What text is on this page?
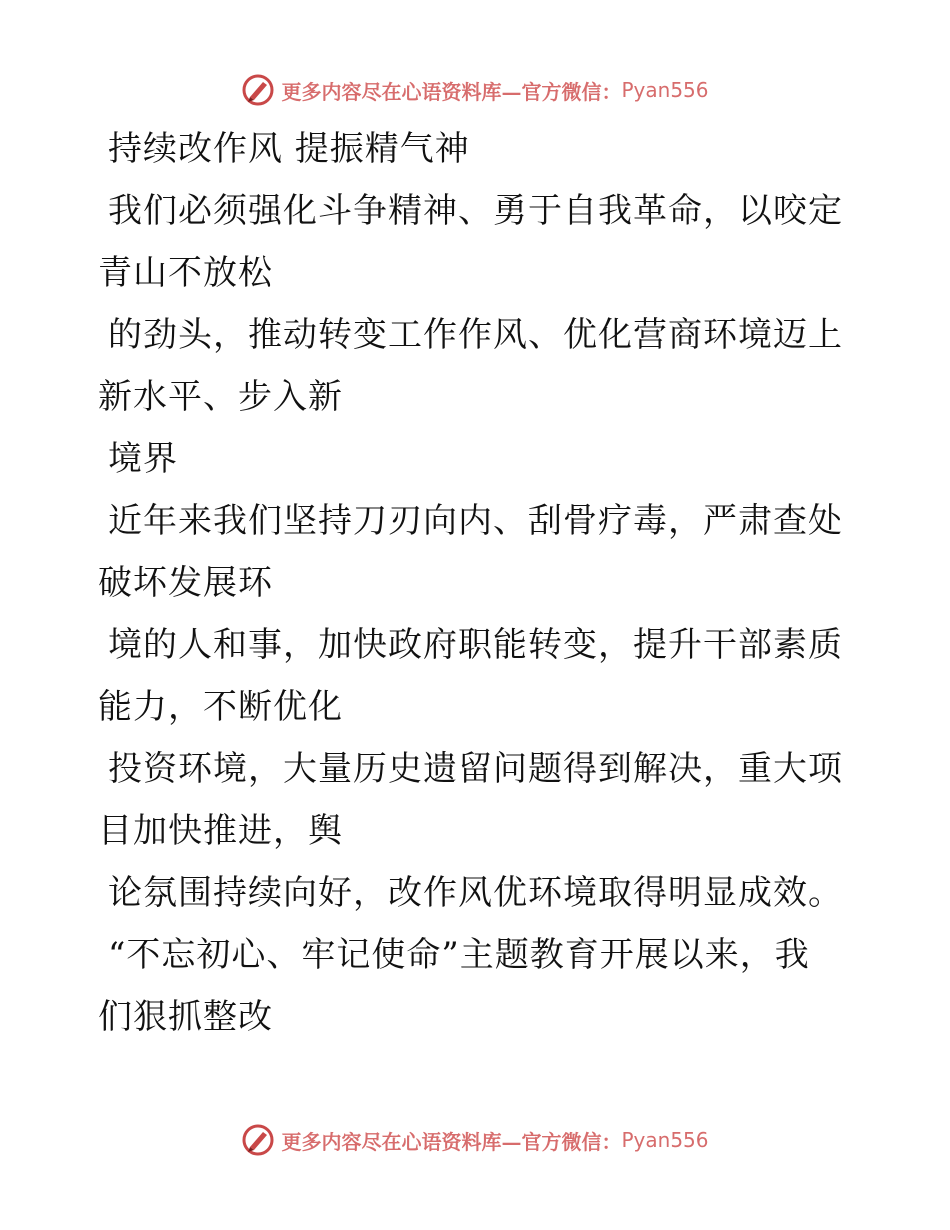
更多内容尽在心语资料库—官方微信： Pyan556
持续改作风 提振精气神
我们必须强化斗争精神、勇于自我革命，以咬定
青山不放松
的劲头，推动转变工作作风、优化营商环境迈上
新水平、步入新
境界
近年来我们坚持刀刃向内、刮骨疗毒，严肃查处
破坏发展环
境的人和事，加快政府职能转变，提升干部素质
能力，不断优化
投资环境，大量历史遗留问题得到解决，重大项
目加快推进，舆
论氛围持续向好，改作风优环境取得明显成效。
“不忘初心、牢记使命”主题教育开展以来，我
们狠抓整改
更多内容尽在心语资料库—官方微信： Pyan556
